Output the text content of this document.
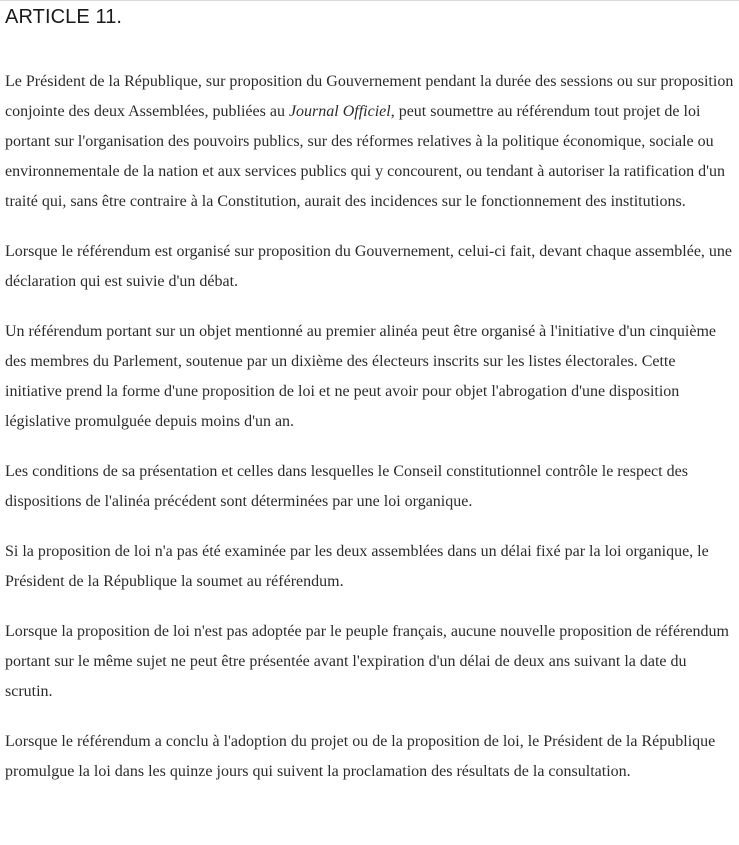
ARTICLE 11.

Le Président de la République, sur proposition du Gouvernement pendant la durée des sessions ou sur proposition conjointe des deux Assemblées, publiées au Journal Officiel, peut soumettre au référendum tout projet de loi portant sur l'organisation des pouvoirs publics, sur des réformes relatives à la politique économique, sociale ou environnementale de la nation et aux services publics qui y concourent, ou tendant à autoriser la ratification d'un traité qui, sans être contraire à la Constitution, aurait des incidences sur le fonctionnement des institutions.

Lorsque le référendum est organisé sur proposition du Gouvernement, celui-ci fait, devant chaque assemblée, une déclaration qui est suivie d'un débat.

Un référendum portant sur un objet mentionné au premier alinéa peut être organisé à l'initiative d'un cinquième des membres du Parlement, soutenue par un dixième des électeurs inscrits sur les listes électorales. Cette initiative prend la forme d'une proposition de loi et ne peut avoir pour objet l'abrogation d'une disposition législative promulguée depuis moins d'un an.

Les conditions de sa présentation et celles dans lesquelles le Conseil constitutionnel contrôle le respect des dispositions de l'alinéa précédent sont déterminées par une loi organique.

Si la proposition de loi n'a pas été examinée par les deux assemblées dans un délai fixé par la loi organique, le Président de la République la soumet au référendum.

Lorsque la proposition de loi n'est pas adoptée par le peuple français, aucune nouvelle proposition de référendum portant sur le même sujet ne peut être présentée avant l'expiration d'un délai de deux ans suivant la date du scrutin.

Lorsque le référendum a conclu à l'adoption du projet ou de la proposition de loi, le Président de la République promulgue la loi dans les quinze jours qui suivent la proclamation des résultats de la consultation.
